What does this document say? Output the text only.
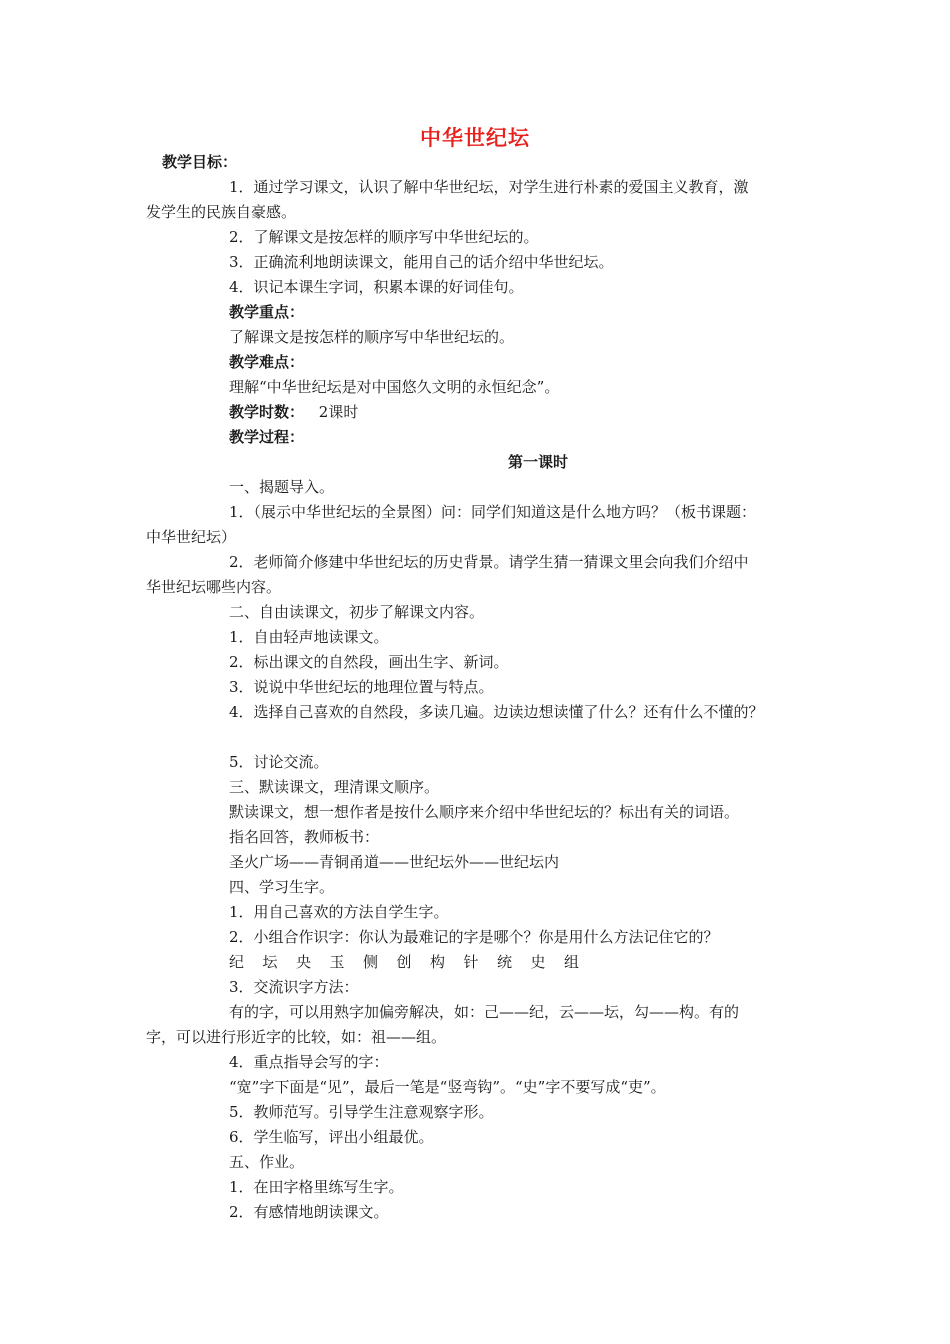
中华世纪坛
教学目标：
1．通过学习课文，认识了解中华世纪坛，对学生进行朴素的爱国主义教育，激
发学生的民族自豪感。
2．了解课文是按怎样的顺序写中华世纪坛的。
3．正确流利地朗读课文，能用自己的话介绍中华世纪坛。
4．识记本课生字词，积累本课的好词佳句。
教学重点：
了解课文是按怎样的顺序写中华世纪坛的。
教学难点：
理解“中华世纪坛是对中国悠久文明的永恒纪念”。
教学时数： 2课时
教学过程：
第一课时
一、揭题导入。
1．（展示中华世纪坛的全景图）问：同学们知道这是什么地方吗？（板书课题：
中华世纪坛）
2．老师简介修建中华世纪坛的历史背景。请学生猜一猜课文里会向我们介绍中
华世纪坛哪些内容。
二、自由读课文，初步了解课文内容。
1．自由轻声地读课文。
2．标出课文的自然段，画出生字、新词。
3．说说中华世纪坛的地理位置与特点。
4．选择自己喜欢的自然段，多读几遍。边读边想读懂了什么？还有什么不懂的？
5．讨论交流。
三、默读课文，理清课文顺序。
默读课文，想一想作者是按什么顺序来介绍中华世纪坛的？标出有关的词语。
指名回答，教师板书：
圣火广场——青铜甬道——世纪坛外——世纪坛内
四、学习生字。
1．用自己喜欢的方法自学生字。
2．小组合作识字：你认为最难记的字是哪个？你是用什么方法记住它的？
纪 坛 央 玉 侧 创 构 针 统 史 组
3．交流识字方法：
有的字，可以用熟字加偏旁解决，如：己——纪，云——坛，勾——构。有的
字，可以进行形近字的比较，如：祖——组。
4．重点指导会写的字：
“宽”字下面是“见”，最后一笔是“竖弯钩”。“史”字不要写成“吏”。
5．教师范写。引导学生注意观察字形。
6．学生临写，评出小组最优。
五、作业。
1．在田字格里练写生字。
2．有感情地朗读课文。
